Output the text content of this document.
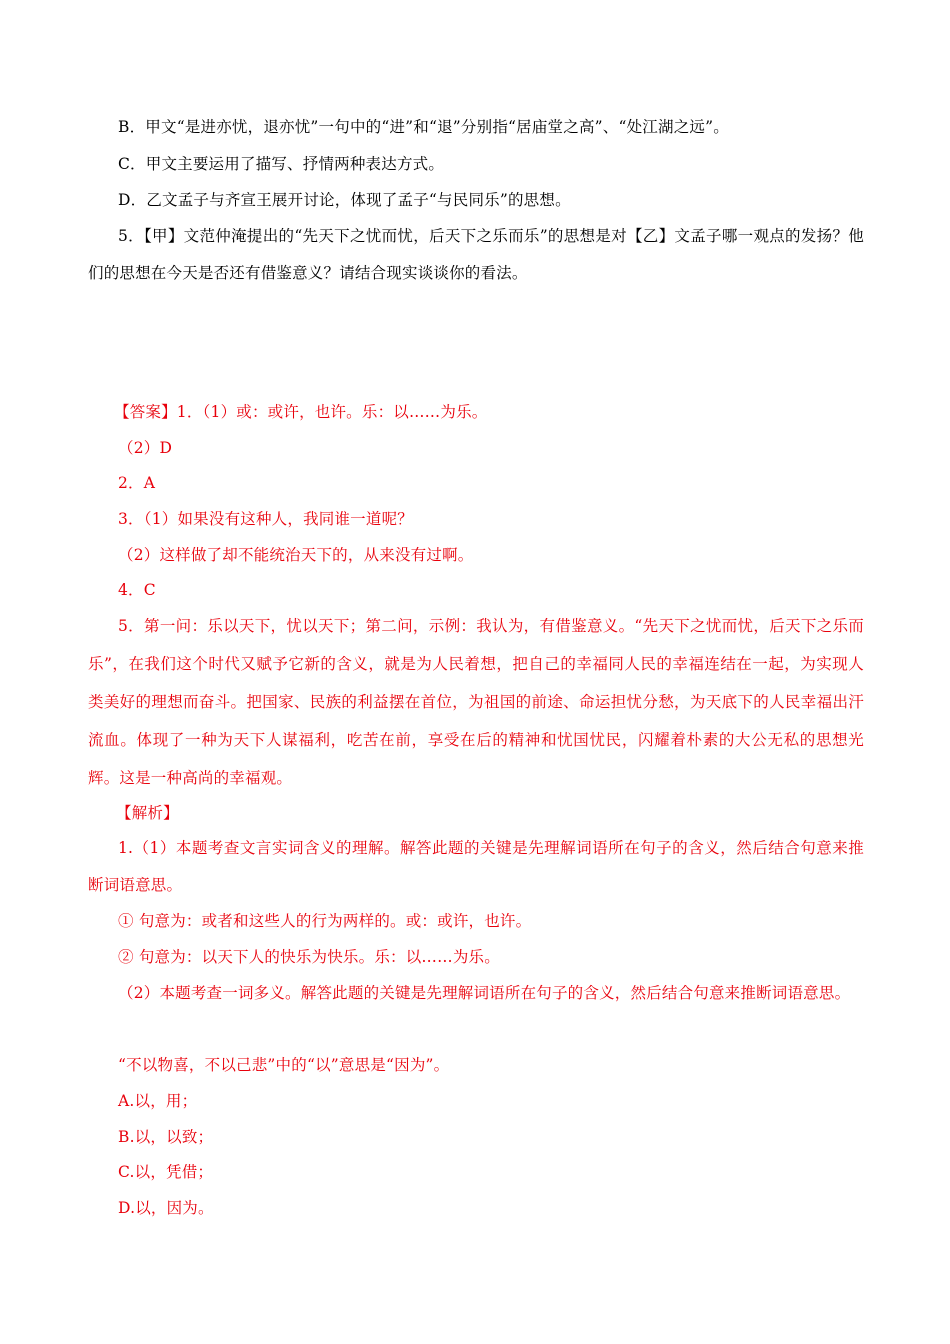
B．甲文“是进亦忧，退亦忧”一句中的“进”和“退”分别指“居庙堂之高”、“处江湖之远”。
C．甲文主要运用了描写、抒情两种表达方式。
D．乙文孟子与齐宣王展开讨论，体现了孟子“与民同乐”的思想。
5．【甲】文范仲淹提出的“先天下之忧而忧，后天下之乐而乐”的思想是对【乙】文孟子哪一观点的发扬？他们的思想在今天是否还有借鉴意义？请结合现实谈谈你的看法。
【答案】1．（1）或：或许，也许。乐：以……为乐。
（2）D
2．A
3．（1）如果没有这种人，我同谁一道呢？
（2）这样做了却不能统治天下的，从来没有过啊。
4．C
5．第一问：乐以天下，忧以天下；第二问，示例：我认为，有借鉴意义。“先天下之忧而忧，后天下之乐而乐”，在我们这个时代又赋予它新的含义，就是为人民着想，把自己的幸福同人民的幸福连结在一起，为实现人类美好的理想而奋斗。把国家、民族的利益摆在首位，为祖国的前途、命运担忧分愁，为天底下的人民幸福出汗流血。体现了一种为天下人谋福利，吃苦在前，享受在后的精神和忧国忧民，闪耀着朴素的大公无私的思想光辉。这是一种高尚的幸福观。
【解析】
1.（1）本题考查文言实词含义的理解。解答此题的关键是先理解词语所在句子的含义，然后结合句意来推断词语意思。
① 句意为：或者和这些人的行为两样的。或：或许，也许。
② 句意为：以天下人的快乐为快乐。乐：以……为乐。
（2）本题考查一词多义。解答此题的关键是先理解词语所在句子的含义，然后结合句意来推断词语意思。
“不以物喜，不以己悲”中的“以”意思是“因为”。
A.以，用；
B.以，以致；
C.以，凭借；
D.以，因为。
